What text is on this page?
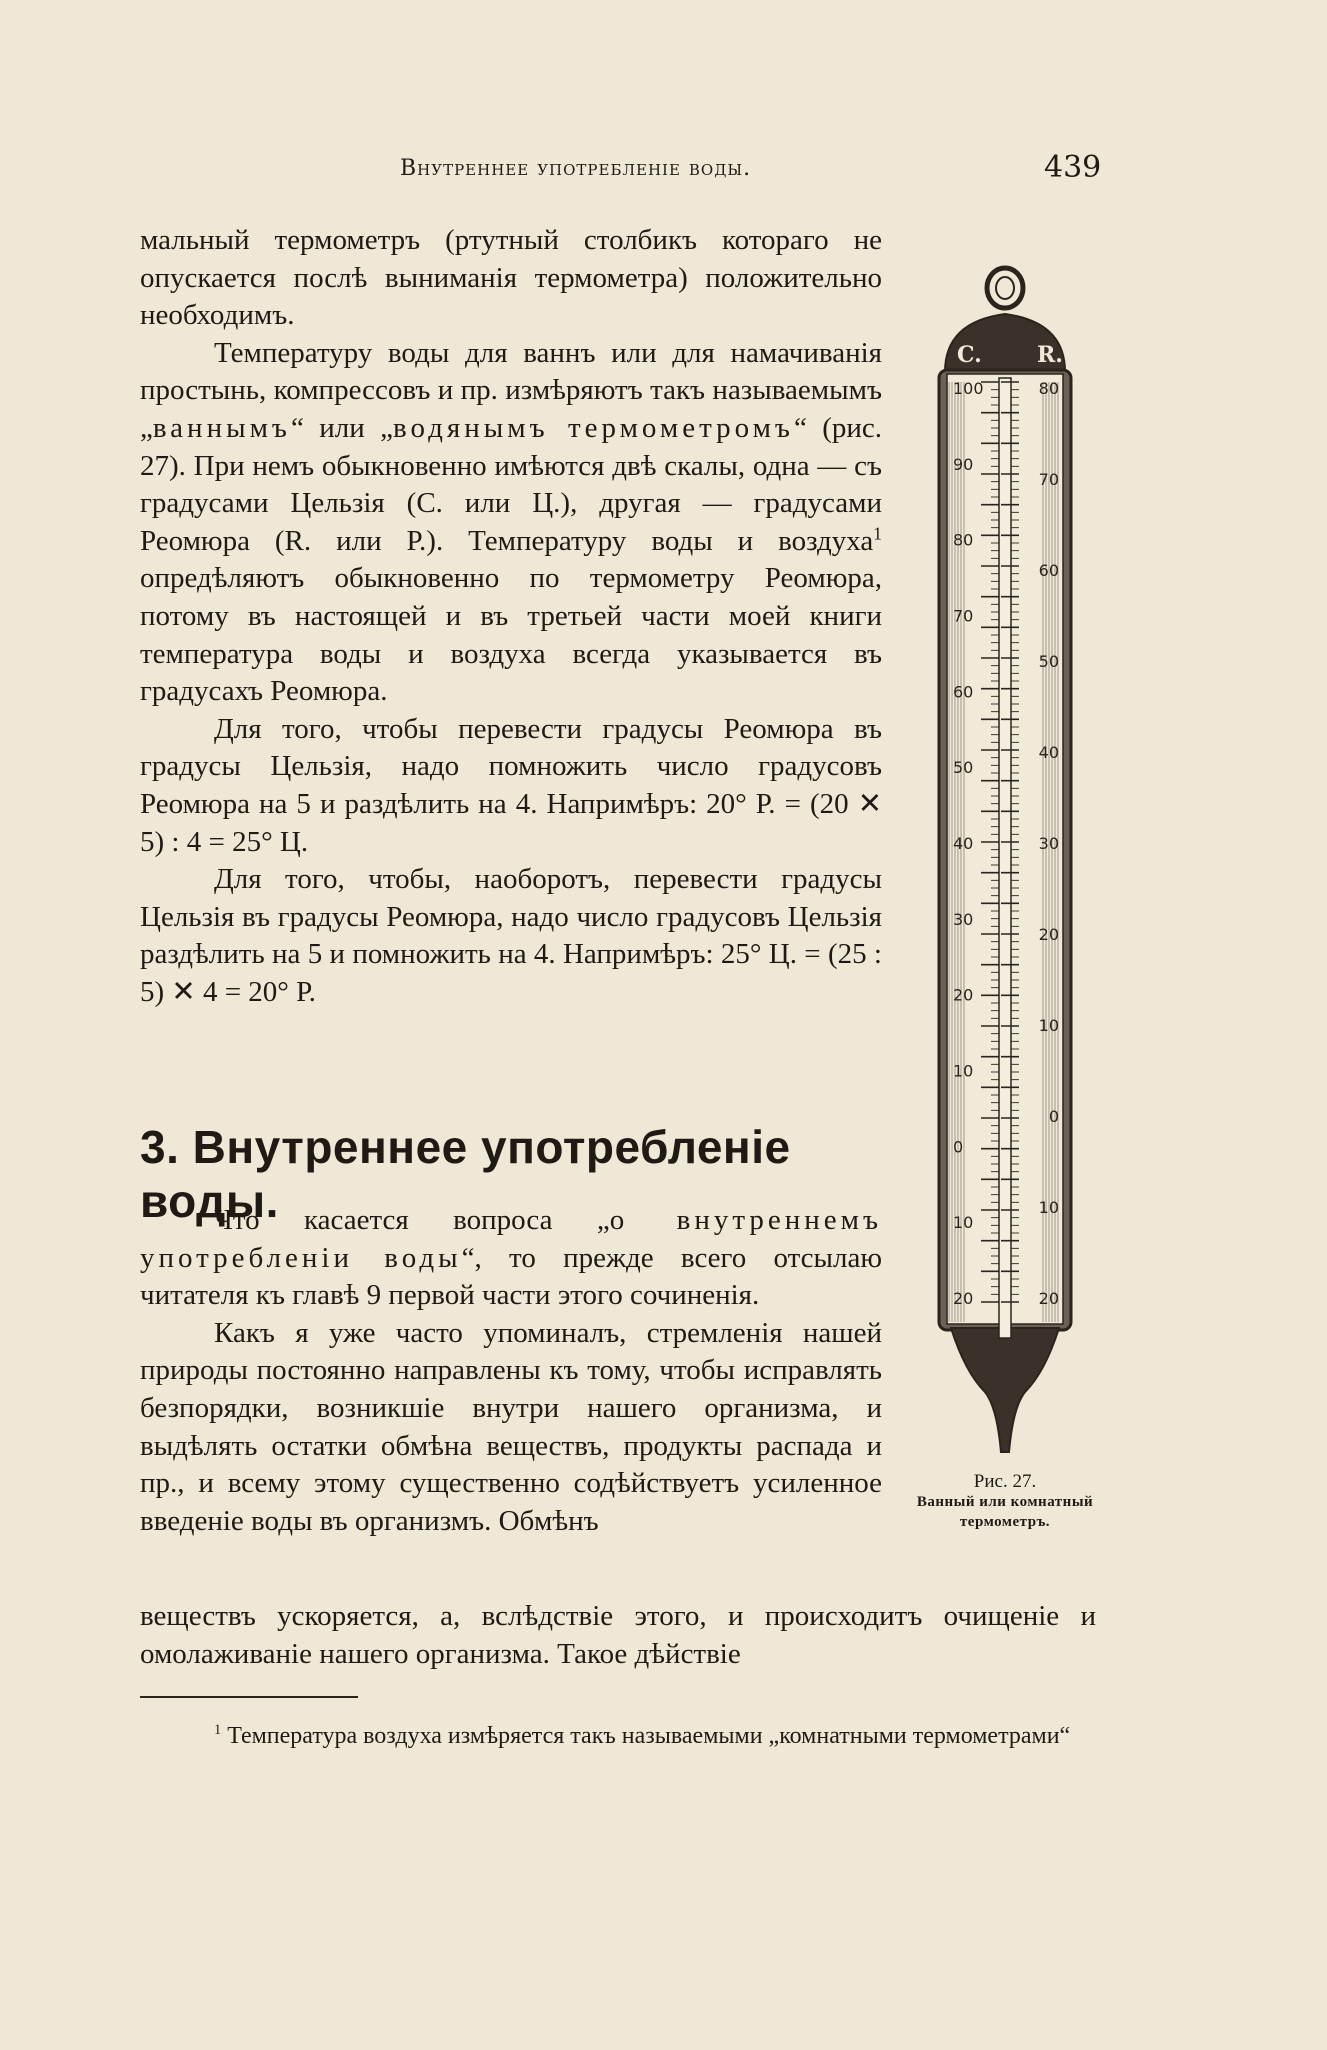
Внутреннее употребленіе воды.	439

мальный термометръ (ртутный столбикъ котораго не опускается послѣ выниманія термометра) положительно необходимъ.

Температуру воды для ваннъ или для намачиванія простынь, компрессовъ и пр. измѣряютъ такъ называемымъ „ваннымъ“ или „водянымъ термометромъ“ (рис. 27). При немъ обыкновенно имѣются двѣ скалы, одна — съ градусами Цельзія (С. или Ц.), другая — градусами Реомюра (R. или Р.). Температуру воды и воздуха$^1$ опредѣляютъ обыкновенно по термометру Реомюра, потому въ настоящей и въ третьей части моей книги температура воды и воздуха всегда указывается въ градусахъ Реомюра.

Для того, чтобы перевести градусы Реомюра въ градусы Цельзія, надо помножить число градусовъ Реомюра на 5 и раздѣлить на 4. Напримѣръ: 20° Р. = (20 ✕ 5) : 4 = 25° Ц.

Для того, чтобы, наоборотъ, перевести градусы Цельзія въ градусы Реомюра, надо число градусовъ Цельзія раздѣлить на 5 и помножить на 4. Напримѣръ: 25° Ц. = (25 : 5) ✕ 4 = 20° Р.

3. Внутреннее употребленіе воды.

Что касается вопроса „о внутреннемъ употребленіи воды“, то прежде всего отсылаю читателя къ главѣ 9 первой части этого сочиненія.

Какъ я уже часто упоминалъ, стремленія нашей природы постоянно направлены къ тому, чтобы исправлять безпорядки, возникшіе внутри нашего организма, и выдѣлять остатки обмѣна веществъ, продукты распада и пр., и всему этому существенно содѣйствуетъ усиленное введеніе воды въ организмъ. Обмѣнъ

веществъ ускоряется, а, вслѣдствіе этого, и происходитъ очищеніе и омолаживаніе нашего организма. Такое дѣйствіе

$^1$ Температура воздуха измѣряется такъ называемыми „комнатными термометрами“

C.	R.
100
90
80
70
60
50
40
30
20
10
0
10
20
80
70
60
50
40
30
20
10
0
10
20
Рис. 27.
Ванный или комнатный термометръ.
